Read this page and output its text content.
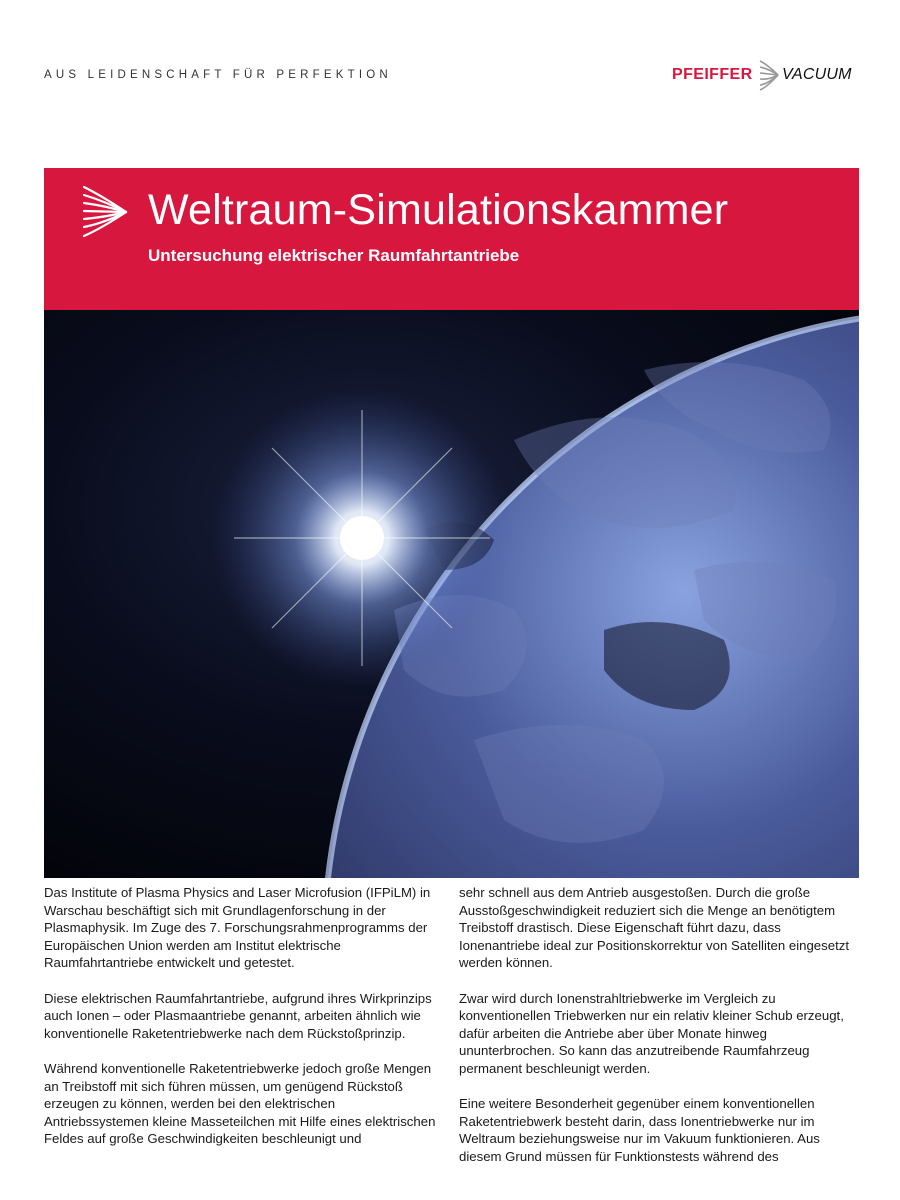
AUS LEIDENSCHAFT FÜR PERFEKTION	PFEIFFER VACUUM
Weltraum-Simulationskammer
Untersuchung elektrischer Raumfahrtantriebe

Das Institute of Plasma Physics and Laser Microfusion (IFPiLM) in Warschau beschäftigt sich mit Grundlagenforschung in der Plasmaphysik. Im Zuge des 7. Forschungsrahmenprogramms der Europäischen Union werden am Institut elektrische Raumfahrtantriebe entwickelt und getestet.

Diese elektrischen Raumfahrtantriebe, aufgrund ihres Wirkprinzips auch Ionen – oder Plasmaantriebe genannt, arbeiten ähnlich wie konventionelle Raketentriebwerke nach dem Rückstoßprinzip.

Während konventionelle Raketentriebwerke jedoch große Mengen an Treibstoff mit sich führen müssen, um genügend Rückstoß erzeugen zu können, werden bei den elektrischen Antriebssystemen kleine Masseteilchen mit Hilfe eines elektrischen Feldes auf große Geschwindigkeiten beschleunigt und

sehr schnell aus dem Antrieb ausgestoßen. Durch die große Ausstoßgeschwindigkeit reduziert sich die Menge an benötigtem Treibstoff drastisch. Diese Eigenschaft führt dazu, dass Ionenantriebe ideal zur Positionskorrektur von Satelliten eingesetzt werden können.

Zwar wird durch Ionenstrahltriebwerke im Vergleich zu konventionellen Triebwerken nur ein relativ kleiner Schub erzeugt, dafür arbeiten die Antriebe aber über Monate hinweg ununterbrochen. So kann das anzutreibende Raumfahrzeug permanent beschleunigt werden.

Eine weitere Besonderheit gegenüber einem konventionellen Raketentriebwerk besteht darin, dass Ionentriebwerke nur im Weltraum beziehungsweise nur im Vakuum funktionieren. Aus diesem Grund müssen für Funktionstests während des
